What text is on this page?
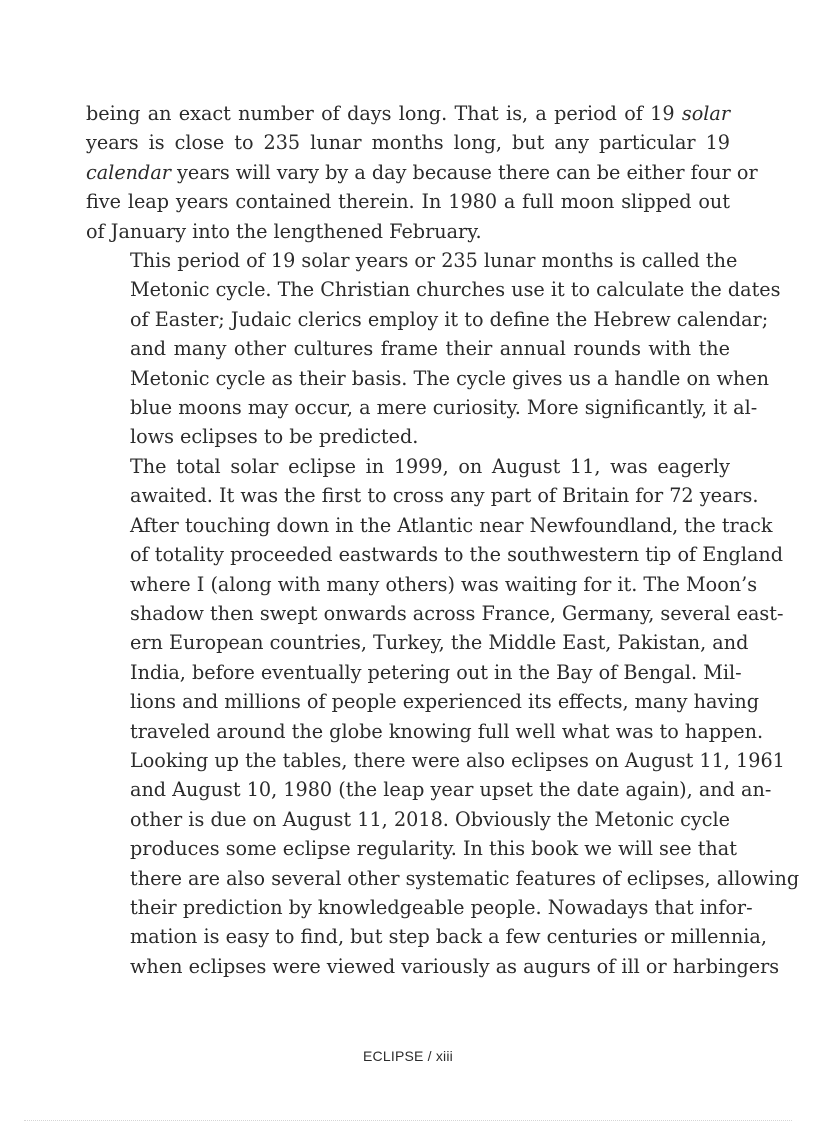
being an exact number of days long. That is, a period of 19 solar
years is close to 235 lunar months long, but any particular 19
calendar years will vary by a day because there can be either four or
five leap years contained therein. In 1980 a full moon slipped out
of January into the lengthened February.

This period of 19 solar years or 235 lunar months is called the
Metonic cycle. The Christian churches use it to calculate the dates
of Easter; Judaic clerics employ it to define the Hebrew calendar;
and many other cultures frame their annual rounds with the
Metonic cycle as their basis. The cycle gives us a handle on when
blue moons may occur, a mere curiosity. More significantly, it al-
lows eclipses to be predicted.

The total solar eclipse in 1999, on August 11, was eagerly
awaited. It was the first to cross any part of Britain for 72 years.
After touching down in the Atlantic near Newfoundland, the track
of totality proceeded eastwards to the southwestern tip of England
where I (along with many others) was waiting for it. The Moon’s
shadow then swept onwards across France, Germany, several east-
ern European countries, Turkey, the Middle East, Pakistan, and
India, before eventually petering out in the Bay of Bengal. Mil-
lions and millions of people experienced its effects, many having
traveled around the globe knowing full well what was to happen.
Looking up the tables, there were also eclipses on August 11, 1961
and August 10, 1980 (the leap year upset the date again), and an-
other is due on August 11, 2018. Obviously the Metonic cycle
produces some eclipse regularity. In this book we will see that
there are also several other systematic features of eclipses, allowing
their prediction by knowledgeable people. Nowadays that infor-
mation is easy to find, but step back a few centuries or millennia,
when eclipses were viewed variously as augurs of ill or harbingers

ECLIPSE / xiii
